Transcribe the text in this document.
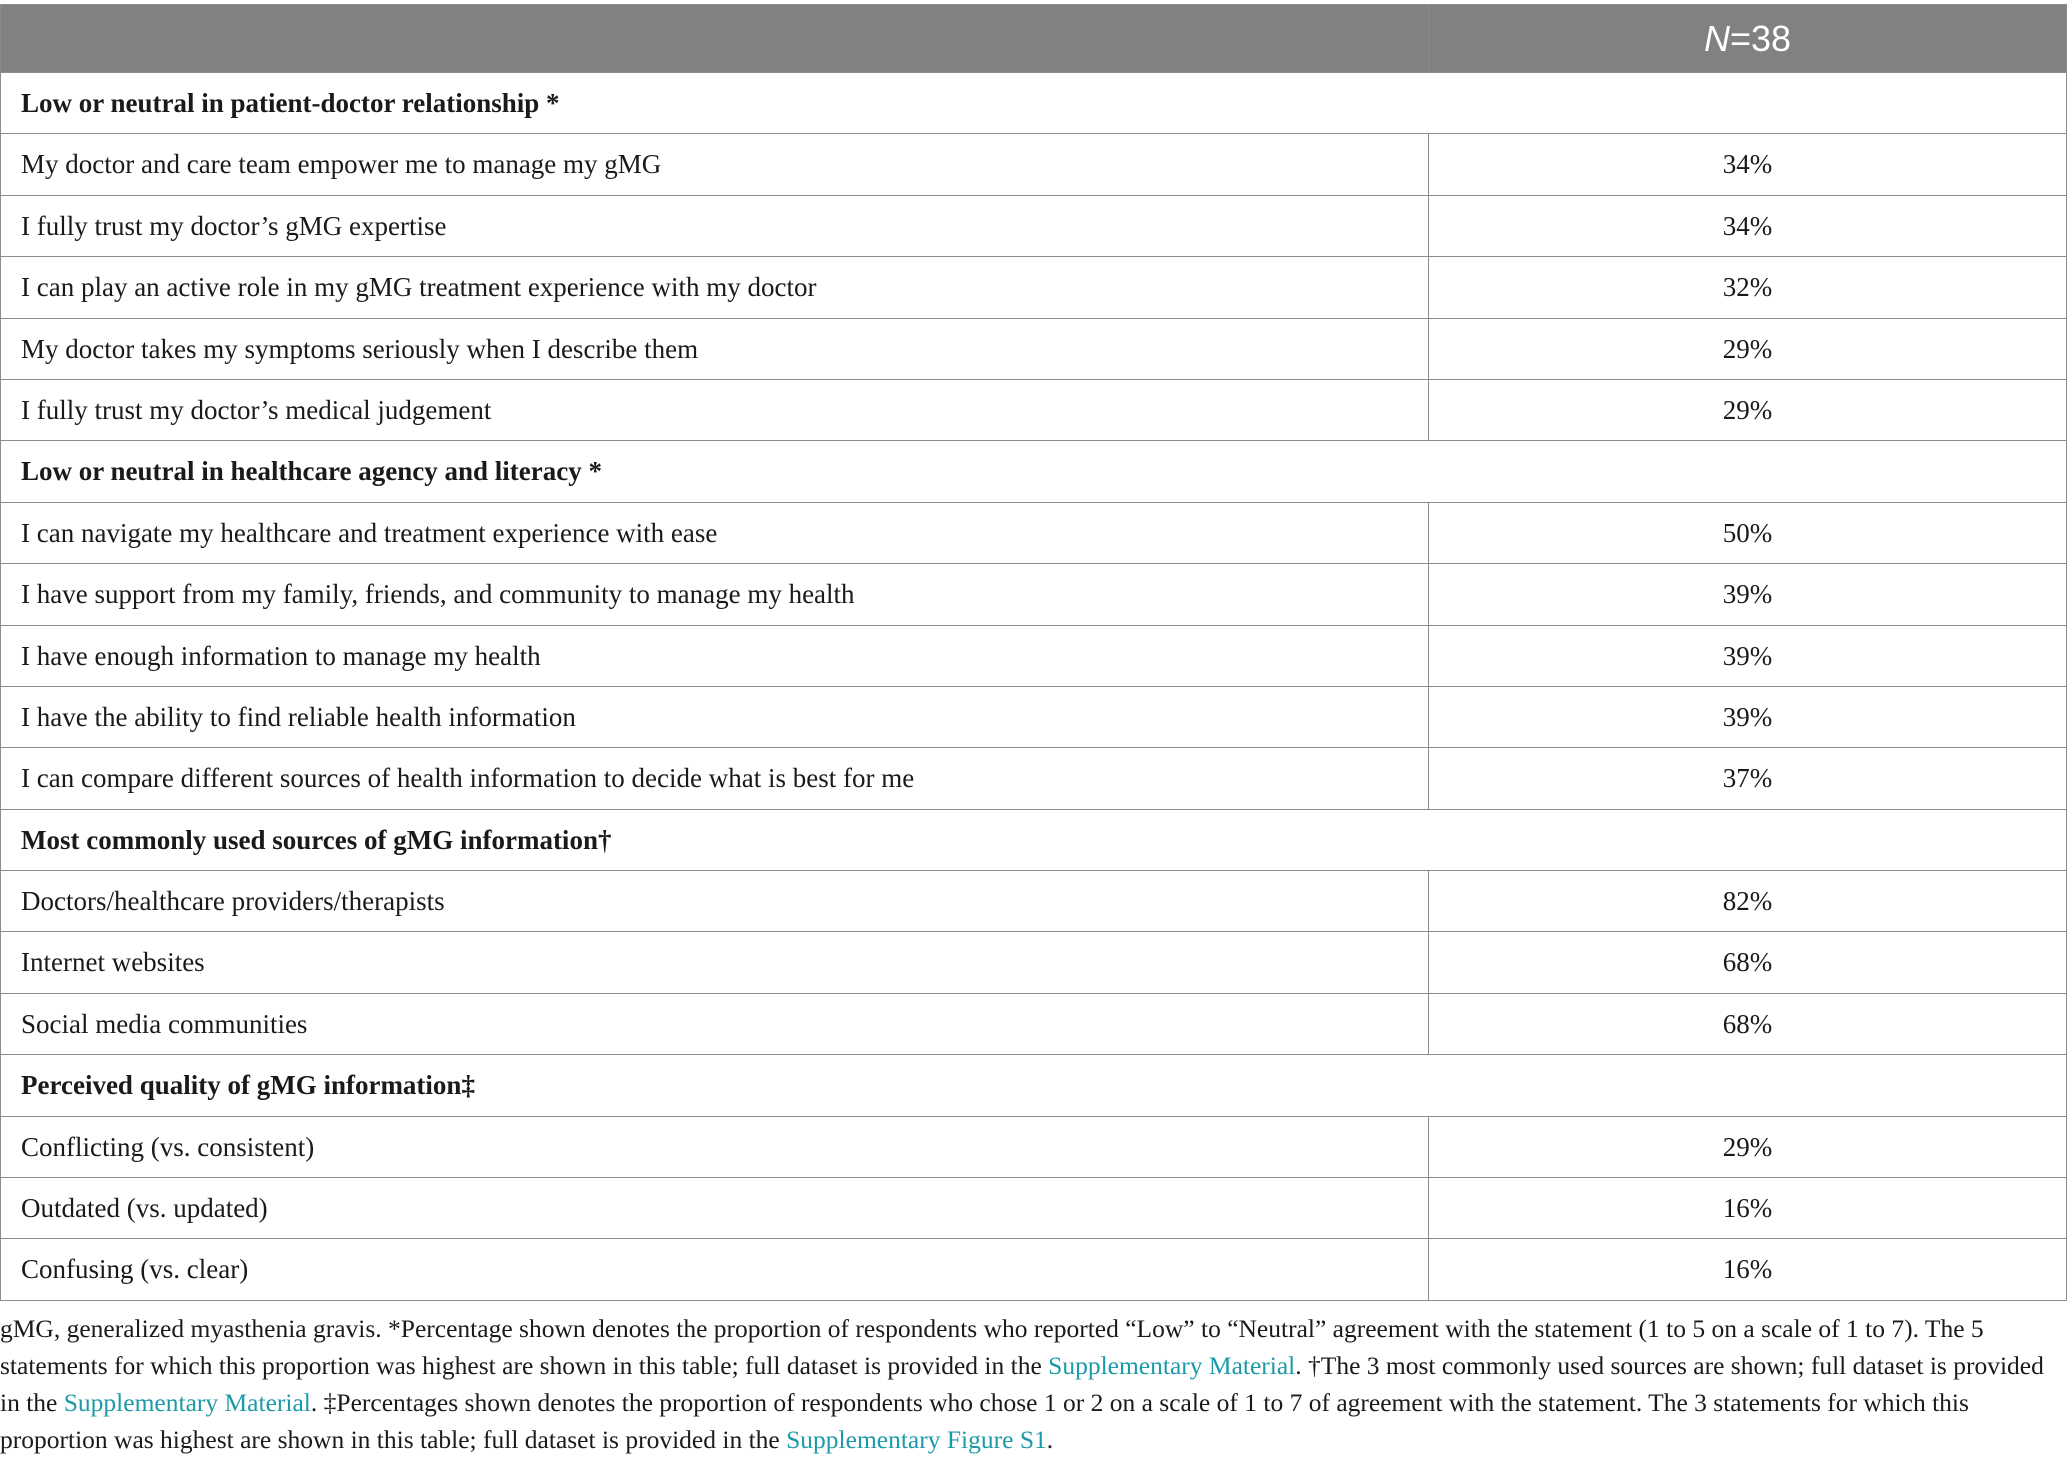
	N=38
Low or neutral in patient-doctor relationship *	
My doctor and care team empower me to manage my gMG	34%
I fully trust my doctor’s gMG expertise	34%
I can play an active role in my gMG treatment experience with my doctor	32%
My doctor takes my symptoms seriously when I describe them	29%
I fully trust my doctor’s medical judgement	29%
Low or neutral in healthcare agency and literacy *	
I can navigate my healthcare and treatment experience with ease	50%
I have support from my family, friends, and community to manage my health	39%
I have enough information to manage my health	39%
I have the ability to find reliable health information	39%
I can compare different sources of health information to decide what is best for me	37%
Most commonly used sources of gMG information†	
Doctors/healthcare providers/therapists	82%
Internet websites	68%
Social media communities	68%
Perceived quality of gMG information‡	
Conflicting (vs. consistent)	29%
Outdated (vs. updated)	16%
Confusing (vs. clear)	16%
gMG, generalized myasthenia gravis. *Percentage shown denotes the proportion of respondents who reported “Low” to “Neutral” agreement with the statement (1 to 5 on a scale of 1 to 7). The 5 statements for which this proportion was highest are shown in this table; full dataset is provided in the Supplementary Material. †The 3 most commonly used sources are shown; full dataset is provided in the Supplementary Material. ‡Percentages shown denotes the proportion of respondents who chose 1 or 2 on a scale of 1 to 7 of agreement with the statement. The 3 statements for which this proportion was highest are shown in this table; full dataset is provided in the Supplementary Figure S1.
